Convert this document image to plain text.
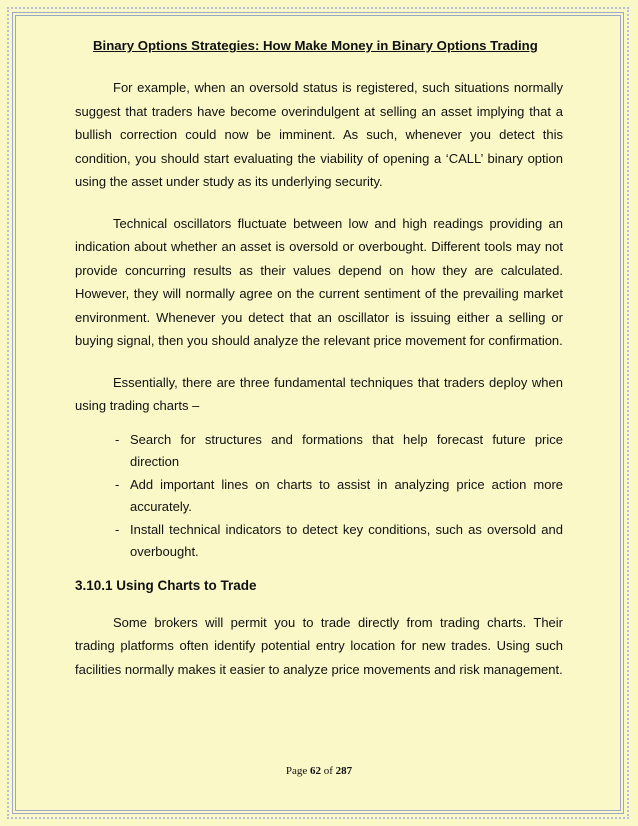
Binary Options Strategies: How Make Money in Binary Options Trading

For example, when an oversold status is registered, such situations normally suggest that traders have become overindulgent at selling an asset implying that a bullish correction could now be imminent. As such, whenever you detect this condition, you should start evaluating the viability of opening a ‘CALL’ binary option using the asset under study as its underlying security.

Technical oscillators fluctuate between low and high readings providing an indication about whether an asset is oversold or overbought. Different tools may not provide concurring results as their values depend on how they are calculated. However, they will normally agree on the current sentiment of the prevailing market environment. Whenever you detect that an oscillator is issuing either a selling or buying signal, then you should analyze the relevant price movement for confirmation.

Essentially, there are three fundamental techniques that traders deploy when using trading charts –

- Search for structures and formations that help forecast future price direction
- Add important lines on charts to assist in analyzing price action more accurately.
- Install technical indicators to detect key conditions, such as oversold and overbought.
3.10.1 Using Charts to Trade

Some brokers will permit you to trade directly from trading charts. Their trading platforms often identify potential entry location for new trades. Using such facilities normally makes it easier to analyze price movements and risk management.

Page 62 of 287
